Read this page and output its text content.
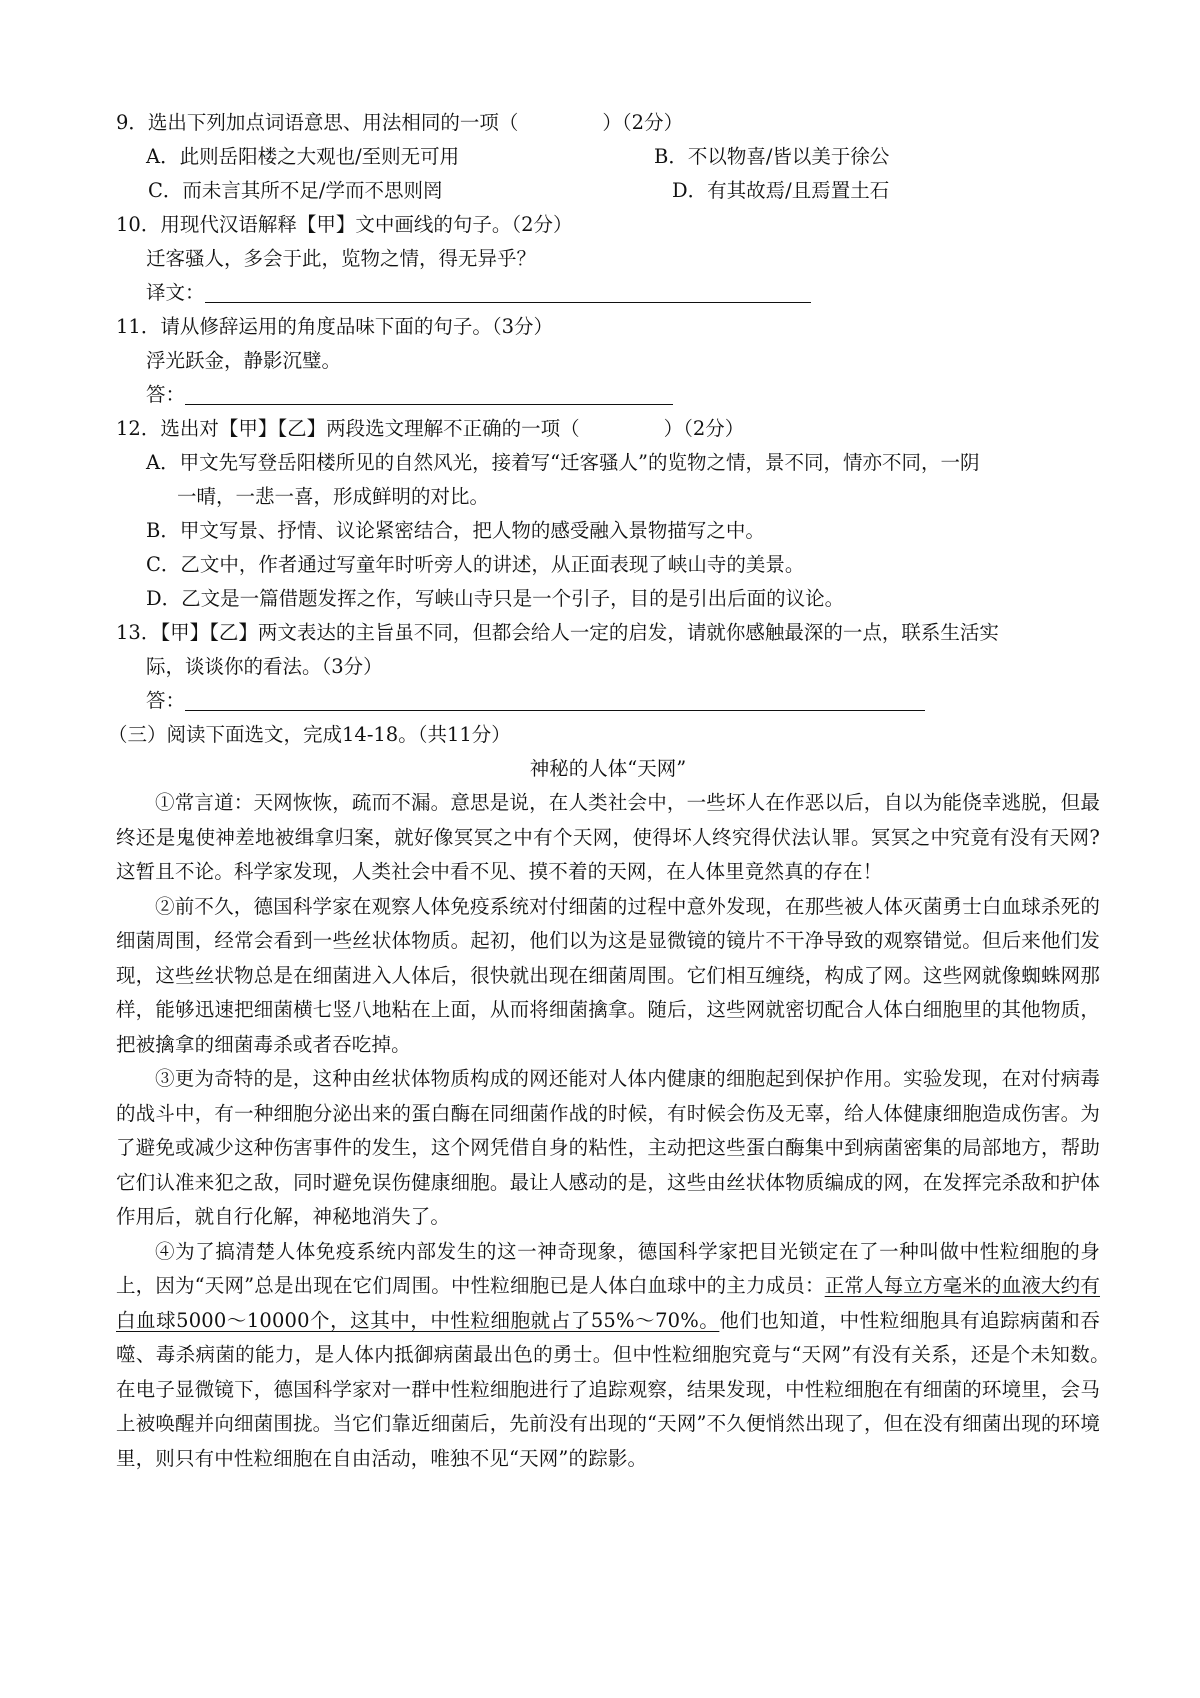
9．选出下列加点词语意思、用法相同的一项（	）（2分）
A．此则岳阳楼之大观也/至则无可用	B．不以物喜/皆以美于徐公
C．而未言其所不足/学而不思则罔	D．有其故焉/且焉置土石
10．用现代汉语解释【甲】文中画线的句子。（2分）
迁客骚人，多会于此，览物之情，得无异乎？
译文：
11．请从修辞运用的角度品味下面的句子。（3分）
浮光跃金，静影沉璧。
答：
12．选出对【甲】【乙】两段选文理解不正确的一项（	）（2分）
A．甲文先写登岳阳楼所见的自然风光，接着写“迁客骚人”的览物之情，景不同，情亦不同，一阴
一晴，一悲一喜，形成鲜明的对比。
B．甲文写景、抒情、议论紧密结合，把人物的感受融入景物描写之中。
C．乙文中，作者通过写童年时听旁人的讲述，从正面表现了峡山寺的美景。
D．乙文是一篇借题发挥之作，写峡山寺只是一个引子，目的是引出后面的议论。
13．【甲】【乙】两文表达的主旨虽不同，但都会给人一定的启发，请就你感触最深的一点，联系生活实
际，谈谈你的看法。（3分）
答：
（三）阅读下面选文，完成14-18。（共11分）
神秘的人体“天网”

①常言道：天网恢恢，疏而不漏。意思是说，在人类社会中，一些坏人在作恶以后，自以为能侥幸逃脱，但最终还是鬼使神差地被缉拿归案，就好像冥冥之中有个天网，使得坏人终究得伏法认罪。冥冥之中究竟有没有天网?这暂且不论。科学家发现，人类社会中看不见、摸不着的天网，在人体里竟然真的存在！

②前不久，德国科学家在观察人体免疫系统对付细菌的过程中意外发现，在那些被人体灭菌勇士白血球杀死的细菌周围，经常会看到一些丝状体物质。起初，他们以为这是显微镜的镜片不干净导致的观察错觉。但后来他们发现，这些丝状物总是在细菌进入人体后，很快就出现在细菌周围。它们相互缠绕，构成了网。这些网就像蜘蛛网那样，能够迅速把细菌横七竖八地粘在上面，从而将细菌擒拿。随后，这些网就密切配合人体白细胞里的其他物质，把被擒拿的细菌毒杀或者吞吃掉。

③更为奇特的是，这种由丝状体物质构成的网还能对人体内健康的细胞起到保护作用。实验发现，在对付病毒的战斗中，有一种细胞分泌出来的蛋白酶在同细菌作战的时候，有时候会伤及无辜，给人体健康细胞造成伤害。为了避免或减少这种伤害事件的发生，这个网凭借自身的粘性，主动把这些蛋白酶集中到病菌密集的局部地方，帮助它们认准来犯之敌，同时避免误伤健康细胞。最让人感动的是，这些由丝状体物质编成的网，在发挥完杀敌和护体作用后，就自行化解，神秘地消失了。

④为了搞清楚人体免疫系统内部发生的这一神奇现象，德国科学家把目光锁定在了一种叫做中性粒细胞的身上，因为“天网”总是出现在它们周围。中性粒细胞已是人体白血球中的主力成员：正常人每立方毫米的血液大约有白血球5000～10000个，这其中，中性粒细胞就占了55%～70%。他们也知道，中性粒细胞具有追踪病菌和吞噬、毒杀病菌的能力，是人体内抵御病菌最出色的勇士。但中性粒细胞究竟与“天网”有没有关系，还是个未知数。　　在电子显微镜下，德国科学家对一群中性粒细胞进行了追踪观察，结果发现，中性粒细胞在有细菌的环境里，会马上被唤醒并向细菌围拢。当它们靠近细菌后，先前没有出现的“天网”不久便悄然出现了，但在没有细菌出现的环境里，则只有中性粒细胞在自由活动，唯独不见“天网”的踪影。
